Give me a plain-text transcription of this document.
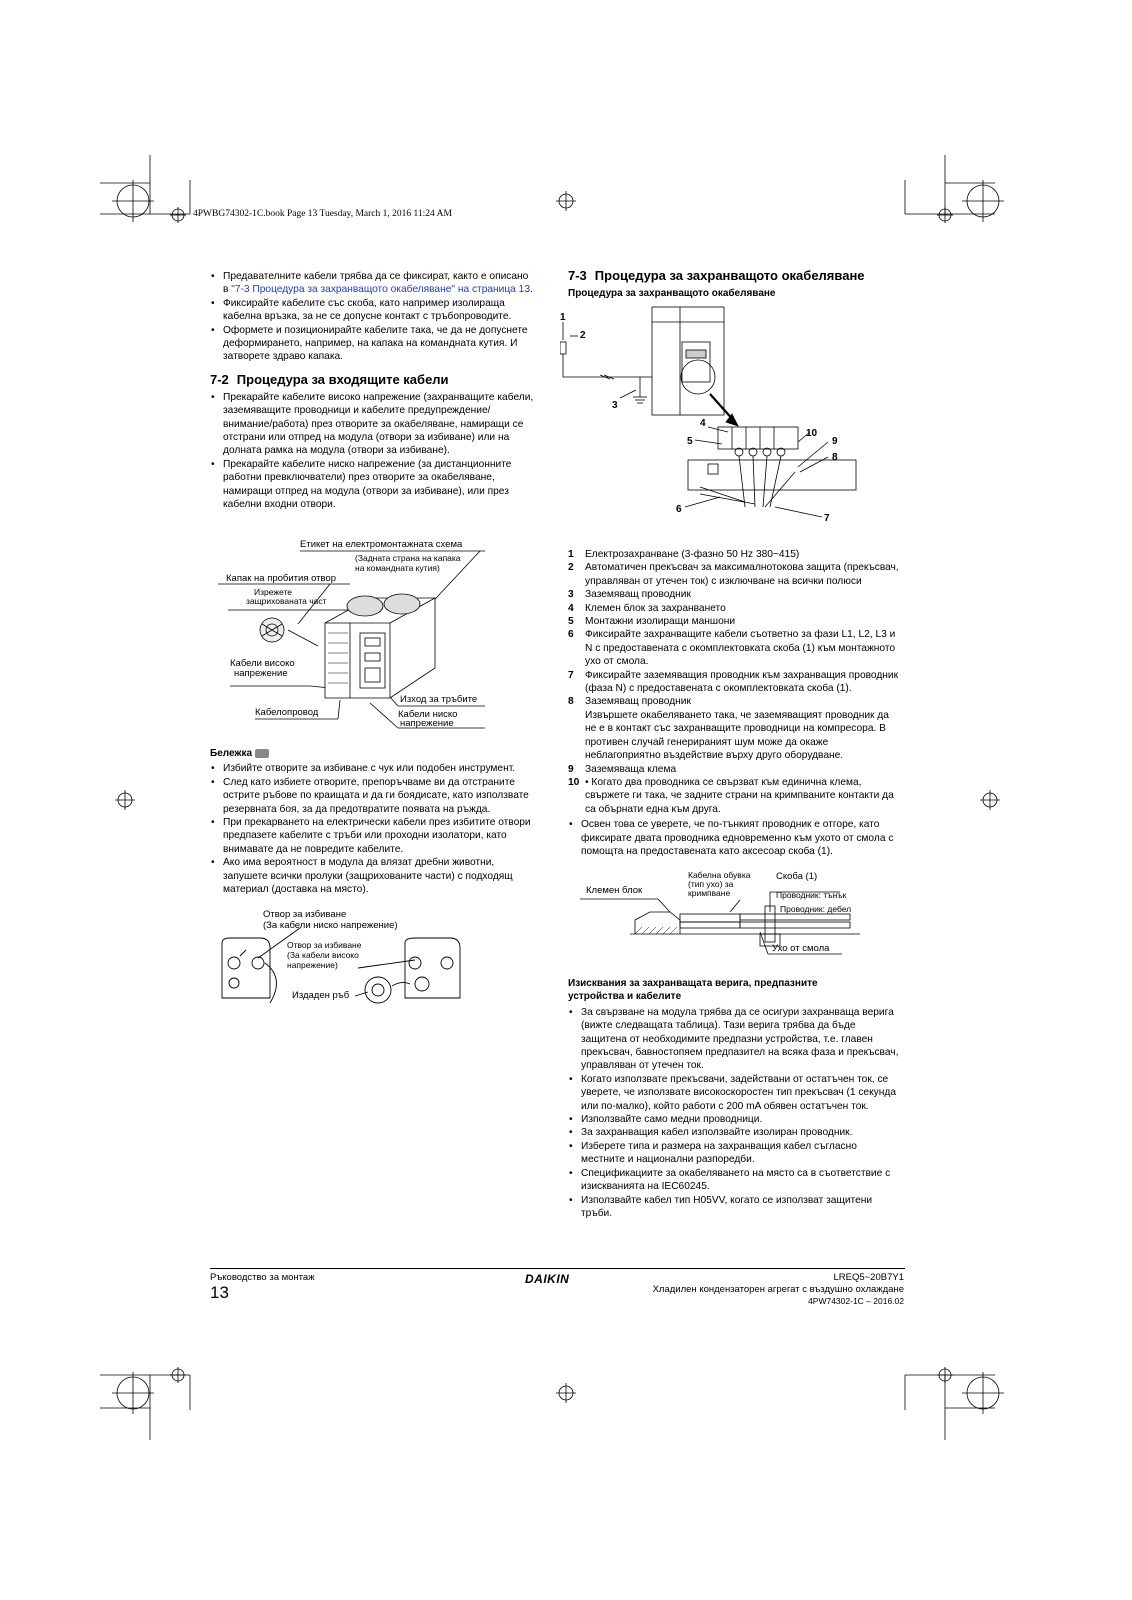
4PWBG74302-1C.book Page 13 Tuesday, March 1, 2016 11:24 AM
• Предавателните кабели трябва да се фиксират, както е описано в "7-3 Процедура за захранващото окабеляване" на страница 13.
• Фиксирайте кабелите със скоба, като например изолираща кабелна връзка, за не се допусне контакт с тръбопроводите.
• Оформете и позиционирайте кабелите така, че да не допуснете деформирането, например, на капака на командната кутия. И затворете здраво капака.
7-2 Процедура за входящите кабели
• Прекарайте кабелите високо напрежение (захранващите кабели, заземяващите проводници и кабелите предупреждение/внимание/работа) през отворите за окабеляване, намиращи се отстрани или отпред на модула (отвори за избиване) или на долната рамка на модула (отвори за избиване).
• Прекарайте кабелите ниско напрежение (за дистанционните работни превключватели) през отворите за окабеляване, намиращи отпред на модула (отвори за избиване), или през кабелни входни отвори.
Етикет на електромонтажната схема
(Задната страна на капака
на командната кутия)
Капак на пробития отвор
Изрежете
защрихованата част
Кабели високо
напрежение
Изход за тръбите
Кабелопровод	Кабели ниско
напрежение
Бележка
• Избийте отворите за избиване с чук или подобен инструмент.
• След като избиете отворите, препоръчваме ви да отстраните острите ръбове по краищата и да ги боядисате, като използвате резервната боя, за да предотвратите появата на ръжда.
• При прекарването на електрически кабели през избитите отвори предпазете кабелите с тръби или проходни изолатори, като внимавате да не повредите кабелите.
• Ако има вероятност в модула да влязат дребни животни, запушете всички пролуки (защрихованите части) с подходящ материал (доставка на място).
Отвор за избиване
(За кабели ниско напрежение)
Отвор за избиване
(За кабели високо
напрежение)
Издаден ръб
7-3 Процедура за захранващото окабеляване
Процедура за захранващото окабеляване
1
2
3
4
5
6
7
8
9
10
1 Електрозахранване (3-фазно 50 Hz 380~415)
2 Автоматичен прекъсвач за максималнотокова защита (прекъсвач, управляван от утечен ток) с изключване на всички полюси
3 Заземяващ проводник
4 Клемен блок за захранването
5 Монтажни изолиращи маншони
6 Фиксирайте захранващите кабели съответно за фази L1, L2, L3 и N с предоставената с окомплектовката скоба (1) към монтажното ухо от смола.
7 Фиксирайте заземяващия проводник към захранващия проводник (фаза N) с предоставената с окомплектовката скоба (1).
8 Заземяващ проводник
Извършете окабеляването така, че заземяващият проводник да не е в контакт със захранващите проводници на компресора. В противен случай генерираният шум може да окаже неблагоприятно въздействие върху друго оборудване.
9 Заземяваща клема
10 • Когато два проводника се свързват към единична клема, свържете ги така, че задните страни на кримпваните контакти да са обърнати една към друга.
• Освен това се уверете, че по-тънкият проводник е отгоре, като фиксирате двата проводника едновременно към ухото от смола с помощта на предоставената като аксесоар скоба (1).
Клемен блок
Кабелна обувка
(тип ухо) за
кримпване
Скоба (1)
Проводник: тънък
Проводник: дебел
Ухо от смола
Изисквания за захранващата верига, предпазните
устройства и кабелите
• За свързване на модула трябва да се осигури захранваща верига (вижте следващата таблица). Тази верига трябва да бъде защитена от необходимите предпазни устройства, т.е. главен прекъсвач, бавностопяем предпазител на всяка фаза и прекъсвач, управляван от утечен ток.
• Когато използвате прекъсвачи, задействани от остатъчен ток, се уверете, че използвате високоскоростен тип прекъсвач (1 секунда или по-малко), който работи с 200 mA обявен остатъчен ток.
• Използвайте само медни проводници.
• За захранващия кабел използвайте изолиран проводник.
• Изберете типа и размера на захранващия кабел съгласно местните и национални разпоредби.
• Спецификациите за окабеляването на място са в съответствие с изискванията на IEC60245.
• Използвайте кабел тип H05VV, когато се използват защитени тръби.
Ръководство за монтаж
13
DAIKIN	LREQ5~20B7Y1
Хладилен кондензаторен агрегат с въздушно охлаждане
4PW74302-1C – 2016.02
